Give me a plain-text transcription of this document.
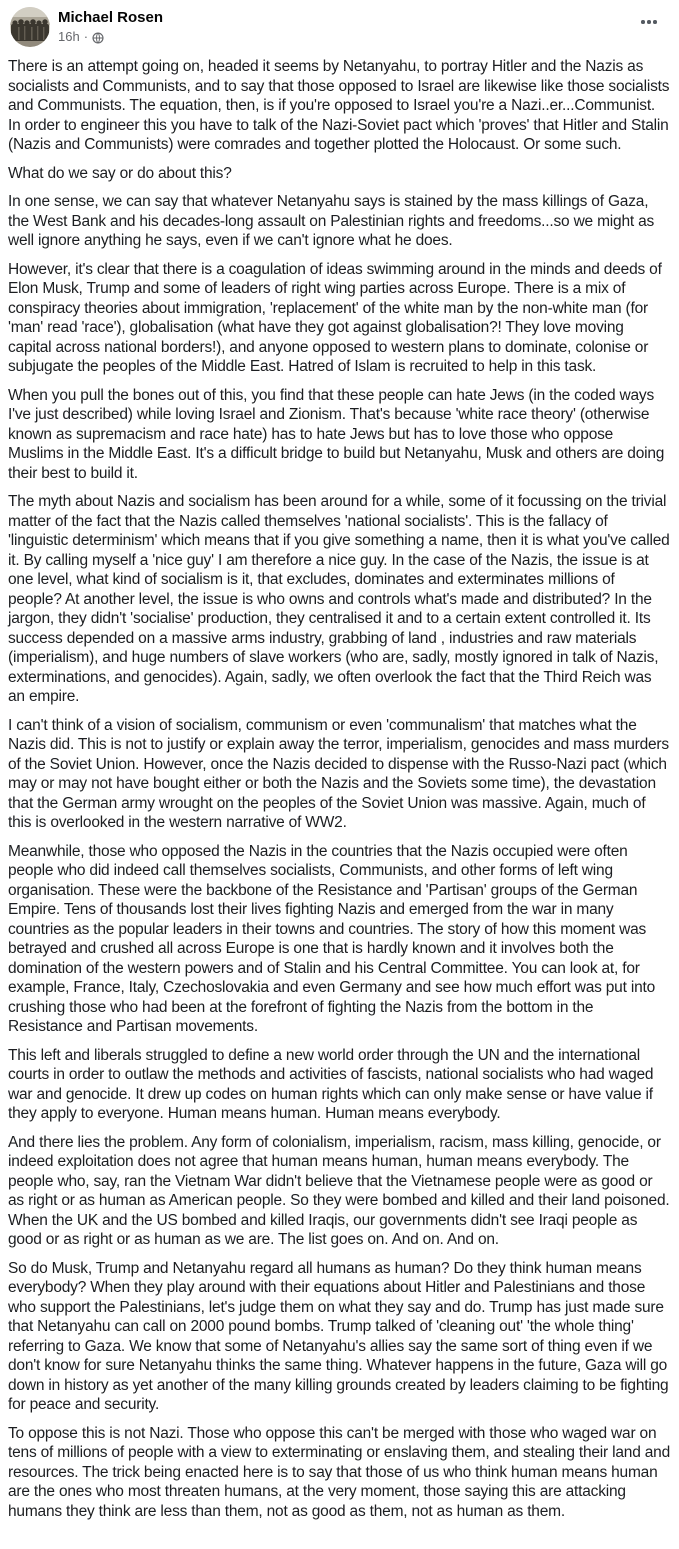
Michael Rosen
16h ·

There is an attempt going on, headed it seems by Netanyahu, to portray Hitler and the Nazis as socialists and Communists, and to say that those opposed to Israel are likewise like those socialists and Communists. The equation, then, is if you're opposed to Israel you're a Nazi..er...Communist. In order to engineer this you have to talk of the Nazi-Soviet pact which 'proves' that Hitler and Stalin (Nazis and Communists) were comrades and together plotted the Holocaust. Or some such.

What do we say or do about this?

In one sense, we can say that whatever Netanyahu says is stained by the mass killings of Gaza, the West Bank and his decades-long assault on Palestinian rights and freedoms...so we might as well ignore anything he says, even if we can't ignore what he does.

However, it's clear that there is a coagulation of ideas swimming around in the minds and deeds of Elon Musk, Trump and some of leaders of right wing parties across Europe. There is a mix of conspiracy theories about immigration, 'replacement' of the white man by the non-white man (for 'man' read 'race'), globalisation (what have they got against globalisation?! They love moving capital across national borders!), and anyone opposed to western plans to dominate, colonise or subjugate the peoples of the Middle East. Hatred of Islam is recruited to help in this task.

When you pull the bones out of this, you find that these people can hate Jews (in the coded ways I've just described) while loving Israel and Zionism. That's because 'white race theory' (otherwise known as supremacism and race hate) has to hate Jews but has to love those who oppose Muslims in the Middle East. It's a difficult bridge to build but Netanyahu, Musk and others are doing their best to build it.

The myth about Nazis and socialism has been around for a while, some of it focussing on the trivial matter of the fact that the Nazis called themselves 'national socialists'. This is the fallacy of 'linguistic determinism' which means that if you give something a name, then it is what you've called it. By calling myself a 'nice guy' I am therefore a nice guy. In the case of the Nazis, the issue is at one level, what kind of socialism is it, that excludes, dominates and exterminates millions of people? At another level, the issue is who owns and controls what's made and distributed? In the jargon, they didn't 'socialise' production, they centralised it and to a certain extent controlled it. Its success depended on a massive arms industry, grabbing of land , industries and raw materials (imperialism), and huge numbers of slave workers (who are, sadly, mostly ignored in talk of Nazis, exterminations, and genocides). Again, sadly, we often overlook the fact that the Third Reich was an empire.

I can't think of a vision of socialism, communism or even 'communalism' that matches what the Nazis did. This is not to justify or explain away the terror, imperialism, genocides and mass murders of the Soviet Union. However, once the Nazis decided to dispense with the Russo-Nazi pact (which may or may not have bought either or both the Nazis and the Soviets some time), the devastation that the German army wrought on the peoples of the Soviet Union was massive. Again, much of this is overlooked in the western narrative of WW2.

Meanwhile, those who opposed the Nazis in the countries that the Nazis occupied were often people who did indeed call themselves socialists, Communists, and other forms of left wing organisation. These were the backbone of the Resistance and 'Partisan' groups of the German Empire. Tens of thousands lost their lives fighting Nazis and emerged from the war in many countries as the popular leaders in their towns and countries. The story of how this moment was betrayed and crushed all across Europe is one that is hardly known and it involves both the domination of the western powers and of Stalin and his Central Committee. You can look at, for example, France, Italy, Czechoslovakia and even Germany and see how much effort was put into crushing those who had been at the forefront of fighting the Nazis from the bottom in the Resistance and Partisan movements.

This left and liberals struggled to define a new world order through the UN and the international courts in order to outlaw the methods and activities of fascists, national socialists who had waged war and genocide. It drew up codes on human rights which can only make sense or have value if they apply to everyone. Human means human. Human means everybody.

And there lies the problem. Any form of colonialism, imperialism, racism, mass killing, genocide, or indeed exploitation does not agree that human means human, human means everybody. The people who, say, ran the Vietnam War didn't believe that the Vietnamese people were as good or as right or as human as American people. So they were bombed and killed and their land poisoned. When the UK and the US bombed and killed Iraqis, our governments didn't see Iraqi people as good or as right or as human as we are. The list goes on. And on. And on.

So do Musk, Trump and Netanyahu regard all humans as human? Do they think human means everybody? When they play around with their equations about Hitler and Palestinians and those who support the Palestinians, let's judge them on what they say and do. Trump has just made sure that Netanyahu can call on 2000 pound bombs. Trump talked of 'cleaning out' 'the whole thing' referring to Gaza. We know that some of Netanyahu's allies say the same sort of thing even if we don't know for sure Netanyahu thinks the same thing. Whatever happens in the future, Gaza will go down in history as yet another of the many killing grounds created by leaders claiming to be fighting for peace and security.

To oppose this is not Nazi. Those who oppose this can't be merged with those who waged war on tens of millions of people with a view to exterminating or enslaving them, and stealing their land and resources. The trick being enacted here is to say that those of us who think human means human are the ones who most threaten humans, at the very moment, those saying this are attacking humans they think are less than them, not as good as them, not as human as them.
